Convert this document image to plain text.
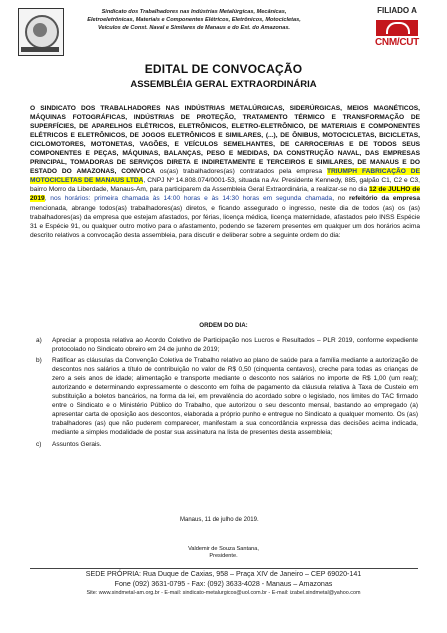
Sindicato dos Trabalhadores nas Indústrias Metalúrgicas, Mecânicas, Eletroeletrônicas, Materiais e Componentes Elétricos, Eletrônicos, Motocicletas, Veículos de Const. Naval e Similares de Manaus e do Est. do Amazonas.
FILIADO A
CNM/CUT
EDITAL DE CONVOCAÇÃO
ASSEMBLÉIA GERAL EXTRAORDINÁRIA
O SINDICATO DOS TRABALHADORES NAS INDÚSTRIAS METALÚRGICAS, SIDERÚRGICAS, MEIOS MAGNÉTICOS, MÁQUINAS FOTOGRÁFICAS, INDÚSTRIAS DE PROTEÇÃO, TRATAMENTO TÉRMICO E TRANSFORMAÇÃO DE SUPERFÍCIES, DE APARELHOS ELÉTRICOS, ELETRÔNICOS, ELETRO-ELETRÔNICO, DE MATERIAIS E COMPONENTES ELÉTRICOS E ELETRÔNICOS, DE JOGOS ELETRÔNICOS E SIMILARES, (...), DE ÔNIBUS, MOTOCICLETAS, BICICLETAS, CICLOMOTORES, MOTONETAS, VAGÕES, E VEÍCULOS SEMELHANTES, DE CARROCERIAS E DE TODOS SEUS COMPONENTES E PEÇAS, MÁQUINAS, BALANÇAS, PESO E MEDIDAS, DA CONSTRUÇÃO NAVAL, DAS EMPRESAS PRINCIPAL, TOMADORAS DE SERVIÇOS DIRETA E INDIRETAMENTE E TERCEIROS E SIMILARES, DE MANAUS E DO ESTADO DO AMAZONAS, CONVOCA os(as) trabalhadores(as) contratados pela empresa TRIUMPH FABRICAÇÃO DE MOTOCICLETAS DE MANAUS LTDA, CNPJ Nº 14.808.074/0001-53, situada na Av. Presidente Kennedy, 885, galpão C1, C2 e C3, bairro Morro da Liberdade, Manaus-Am, para participarem da Assembleia Geral Extraordinária, a realizar-se no dia 12 de JULHO de 2019, nos horários: primeira chamada às 14:00 horas e às 14:30 horas em segunda chamada, no refeitório da empresa mencionada, abrange todos(as) trabalhadores(as) diretos, e ficando assegurado o ingresso, neste dia de todos (as) os (as) trabalhadores(as) da empresa que estejam afastados, por férias, licença médica, licença maternidade, afastados pelo INSS Espécie 31 e Espécie 91, ou qualquer outro motivo para o afastamento, podendo se fazerem presentes em qualquer um dos horários acima descrito relativos a convocação desta assembleia, para discutir e deliberar sobre a seguinte ordem do dia:
ORDEM DO DIA:
a) Apreciar a proposta relativa ao Acordo Coletivo de Participação nos Lucros e Resultados – PLR 2019, conforme expediente protocolado no Sindicato obreiro em 24 de junho de 2019;
b) Ratificar as cláusulas da Convenção Coletiva de Trabalho relativo ao plano de saúde para a família mediante a autorização de descontos nos salários a título de contribuição no valor de R$ 0,50 (cinquenta centavos), creche para todas as crianças de zero a seis anos de idade; alimentação e transporte mediante o desconto nos salários no importe de R$ 1,00 (um real); autorizando e determinando expressamente o desconto em folha de pagamento da cláusula relativa à Taxa de Custeio em substituição a boletos bancários, na forma da lei, em prevalência do acordado sobre o legislado, nos limites do TAC firmado entre o Sindicato e o Ministério Público do Trabalho, que autorizou o seu desconto mensal, bastando ao empregado (a) apresentar carta de oposição aos descontos, elaborada a próprio punho e entregue no Sindicato a qualquer momento. Os (as) trabalhadores (as) que não puderem comparecer, manifestam a sua concordância expressa das decisões acima indicada, mediante a simples modalidade de postar sua assinatura na lista de presentes desta assembleia;
c) Assuntos Gerais.
Manaus, 11 de julho de 2019.
Valdemir de Souza Santana,
Presidente.
SEDE PRÓPRIA: Rua Duque de Caxias, 958 – Praça XIV de Janeiro – CEP 69020-141
Fone (092) 3631-0795 - Fax: (092) 3633-4028 - Manaus – Amazonas
Site: www.sindmetal-am.org.br - E-mail: sindicato-metalurgicos@uol.com.br - E-mail: izabel.sindmetal@yahoo.com
